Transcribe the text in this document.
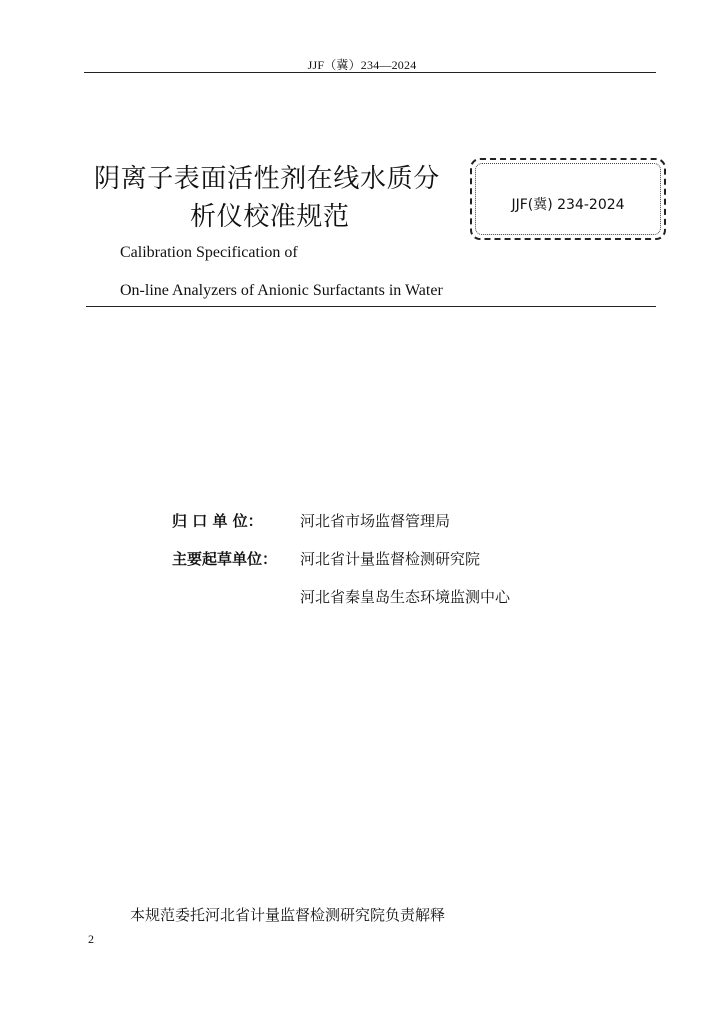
JJF（冀）234—2024
阴离子表面活性剂在线水质分
析仪校准规范	JJF(冀) 234-2024
Calibration Specification of
On-line Analyzers of Anionic Surfactants in Water
归 口 单 位：	河北省市场监督管理局
主要起草单位：	河北省计量监督检测研究院
河北省秦皇岛生态环境监测中心
本规范委托河北省计量监督检测研究院负责解释
2
